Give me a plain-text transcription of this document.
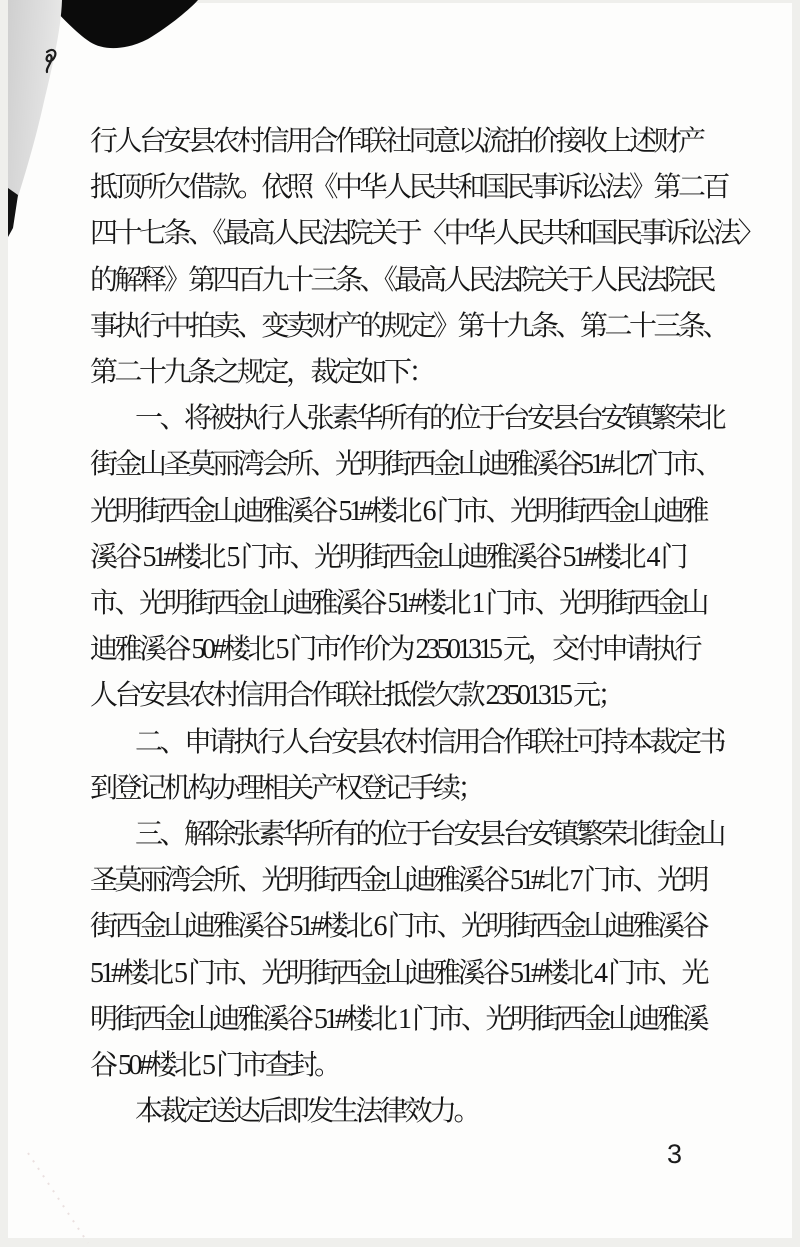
行人台安县农村信用合作联社同意以流拍价接收上述财产
抵顶所欠借款。依照《中华人民共和国民事诉讼法》第二百
四十七条、《最高人民法院关于〈中华人民共和国民事诉讼法〉
的解释》第四百九十三条、《最高人民法院关于人民法院民
事执行中拍卖、变卖财产的规定》第十九条、第二十三条、
第二十九条之规定，裁定如下：
一、将被执行人张素华所有的位于台安县台安镇繁荣北
街金山圣莫丽湾会所、光明街西金山迪雅溪谷51#北7门市、
光明街西金山迪雅溪谷 51#楼北 6 门市、光明街西金山迪雅
溪谷 51#楼北 5 门市、光明街西金山迪雅溪谷 51#楼北 4 门
市、光明街西金山迪雅溪谷 51#楼北 1 门市、光明街西金山
迪雅溪谷 50#楼北 5 门市作价为 23501315 元，交付申请执行
人台安县农村信用合作联社抵偿欠款 23501315 元；
二、申请执行人台安县农村信用合作联社可持本裁定书
到登记机构办理相关产权登记手续；
三、解除张素华所有的位于台安县台安镇繁荣北街金山
圣莫丽湾会所、光明街西金山迪雅溪谷 51#北 7 门市、光明
街西金山迪雅溪谷 51#楼北 6 门市、光明街西金山迪雅溪谷
51#楼北 5 门市、光明街西金山迪雅溪谷 51#楼北 4 门市、光
明街西金山迪雅溪谷 51#楼北 1 门市、光明街西金山迪雅溪
谷 50#楼北 5 门市查封。
本裁定送达后即发生法律效力。
3
